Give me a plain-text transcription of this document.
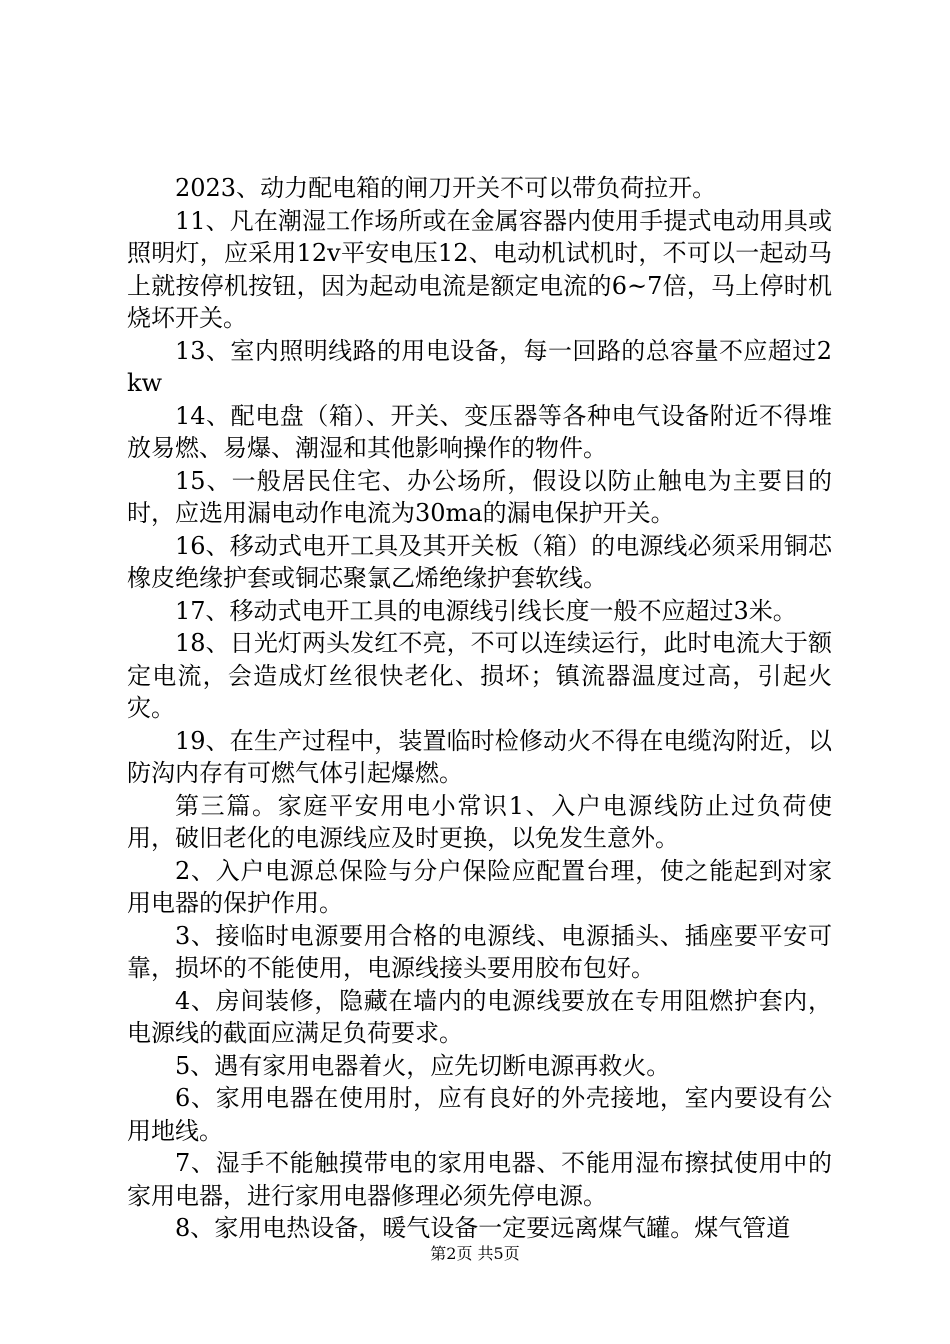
2023、动力配电箱的闸刀开关不可以带负荷拉开。

11、凡在潮湿工作场所或在金属容器内使用手提式电动用具或照明灯，应采用12v平安电压12、电动机试机时，不可以一起动马上就按停机按钮，因为起动电流是额定电流的6~7倍，马上停时机烧坏开关。

13、室内照明线路的用电设备，每一回路的总容量不应超过2kw

14、配电盘（箱）、开关、变压器等各种电气设备附近不得堆放易燃、易爆、潮湿和其他影响操作的物件。

15、一般居民住宅、办公场所，假设以防止触电为主要目的时，应选用漏电动作电流为30ma的漏电保护开关。

16、移动式电开工具及其开关板（箱）的电源线必须采用铜芯橡皮绝缘护套或铜芯聚氯乙烯绝缘护套软线。

17、移动式电开工具的电源线引线长度一般不应超过3米。

18、日光灯两头发红不亮，不可以连续运行，此时电流大于额定电流，会造成灯丝很快老化、损坏；镇流器温度过高，引起火灾。

19、在生产过程中，装置临时检修动火不得在电缆沟附近，以防沟内存有可燃气体引起爆燃。

第三篇。家庭平安用电小常识1、入户电源线防止过负荷使用，破旧老化的电源线应及时更换，以免发生意外。

2、入户电源总保险与分户保险应配置台理，使之能起到对家用电器的保护作用。

3、接临时电源要用合格的电源线、电源插头、插座要平安可靠，损坏的不能使用，电源线接头要用胶布包好。

4、房间装修，隐藏在墙内的电源线要放在专用阻燃护套内，电源线的截面应满足负荷要求。

5、遇有家用电器着火，应先切断电源再救火。

6、家用电器在使用肘，应有良好的外壳接地，室内要设有公用地线。

7、湿手不能触摸带电的家用电器、不能用湿布擦拭使用中的家用电器，进行家用电器修理必须先停电源。

8、家用电热设备，暖气设备一定要远离煤气罐。煤气管道

第2页 共5页
